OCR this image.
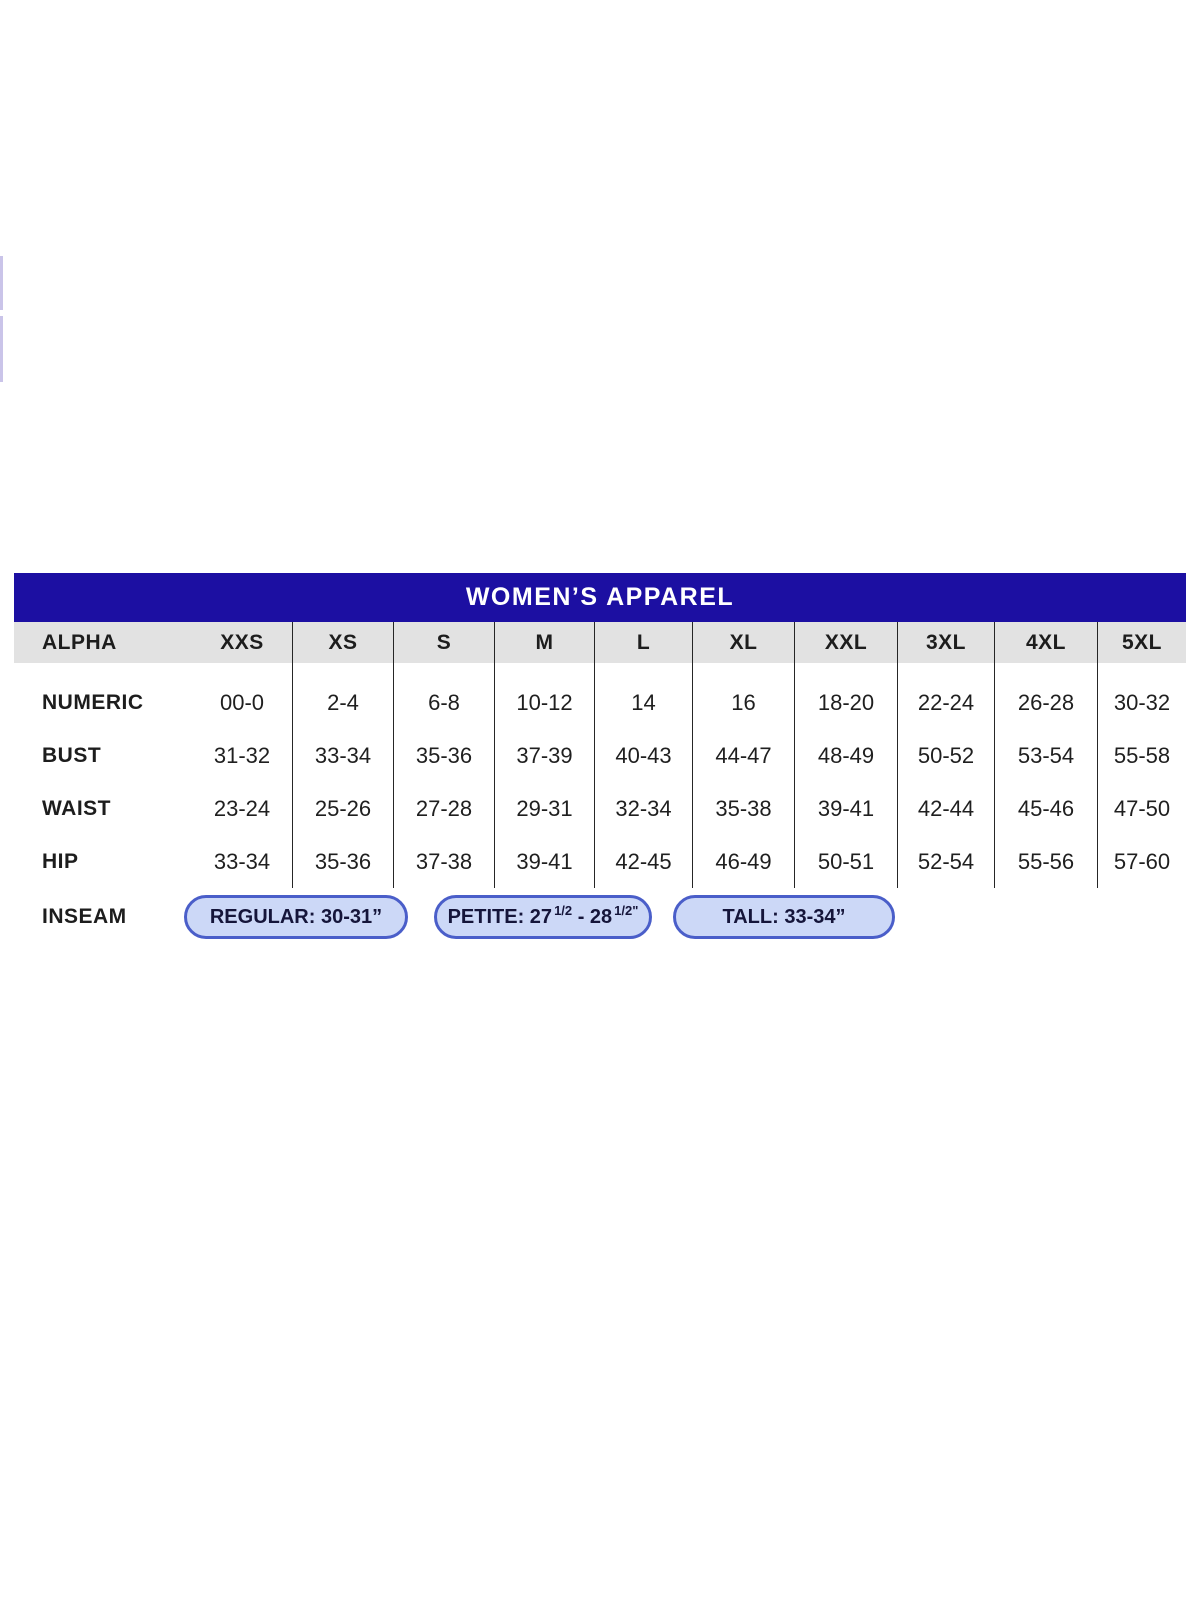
WOMEN’S APPAREL
ALPHA	XXS	XS	S	M	L	XL	XXL	3XL	4XL	5XL
NUMERIC	00-0	2-4	6-8	10-12	14	16	18-20	22-24	26-28	30-32
BUST	31-32	33-34	35-36	37-39	40-43	44-47	48-49	50-52	53-54	55-58
WAIST	23-24	25-26	27-28	29-31	32-34	35-38	39-41	42-44	45-46	47-50
HIP	33-34	35-36	37-38	39-41	42-45	46-49	50-51	52-54	55-56	57-60
INSEAM	REGULAR: 30-31”	PETITE: 27 1/2 - 28 1/2"	TALL: 33-34”
